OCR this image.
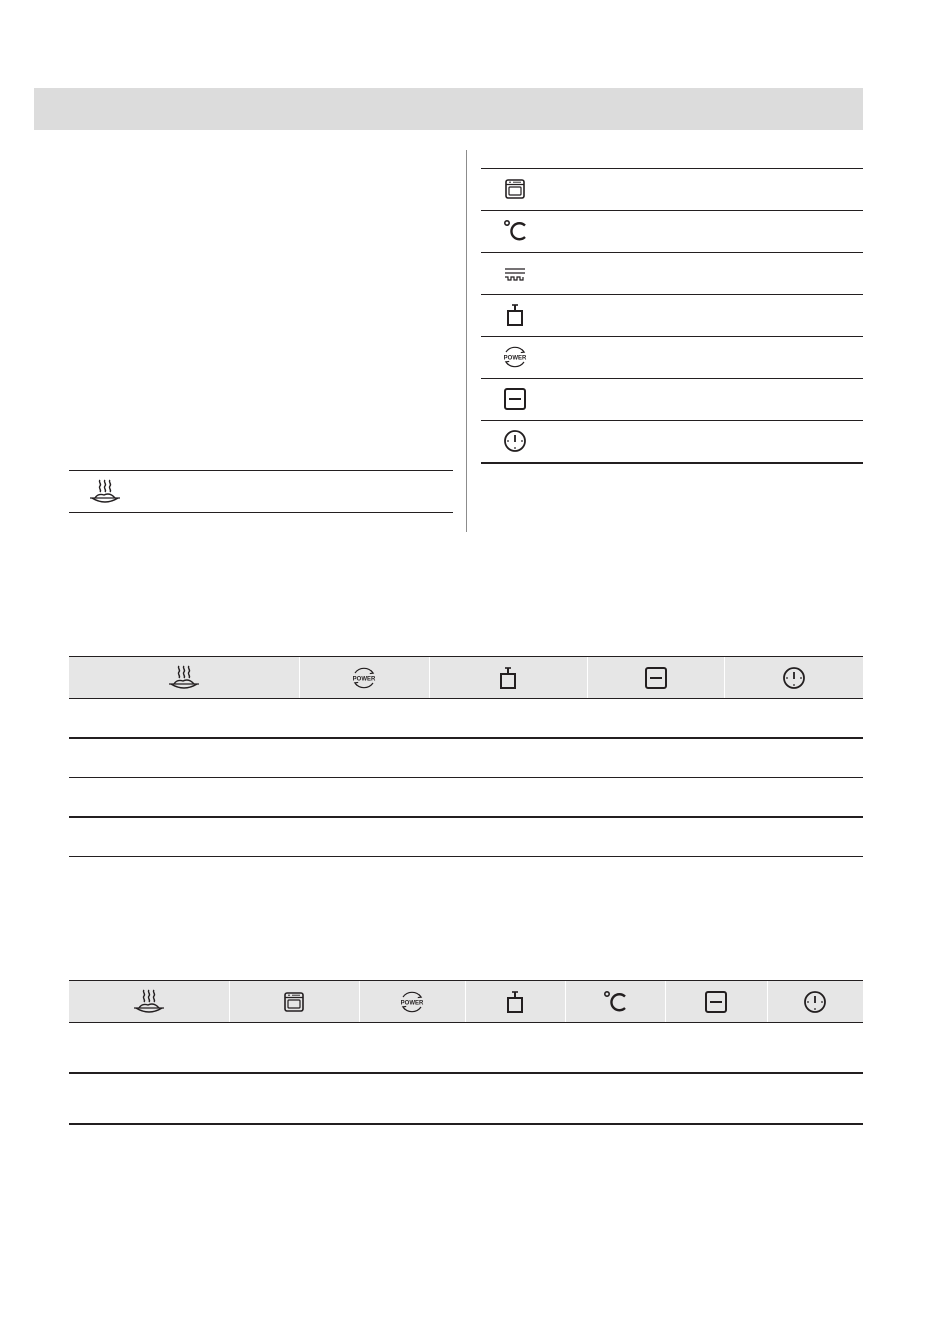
POWER
POWER
POWER
